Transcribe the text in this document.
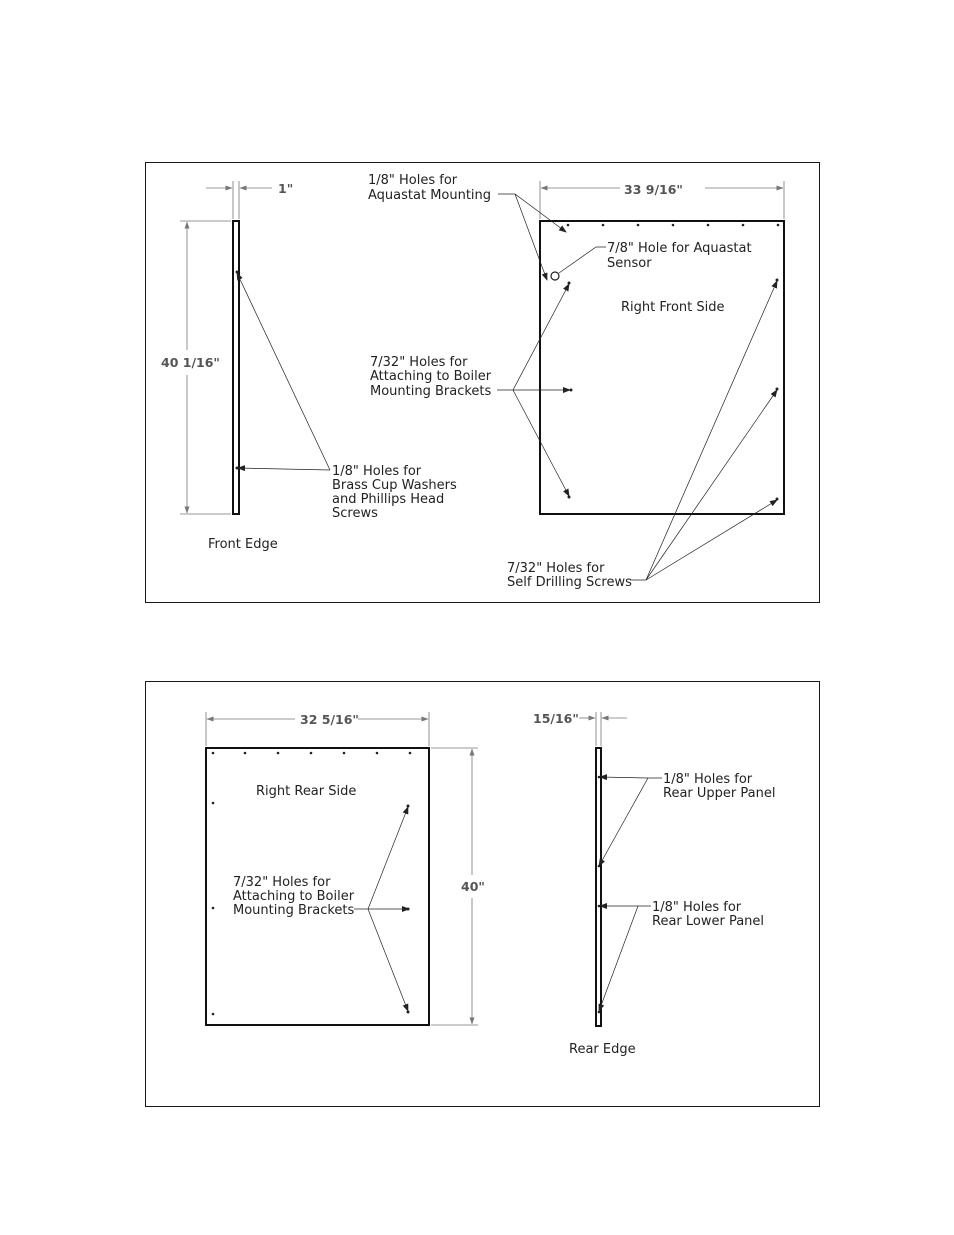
1"
40 1/16"
1/8" Holes for Brass Cup Washers and Phillips Head Screws
Front Edge
33 9/16"
1/8" Holes for Aquastat Mounting
7/8" Hole for Aquastat Sensor
Right Front Side
7/32" Holes for Attaching to Boiler Mounting Brackets
7/32" Holes for Self Drilling Screws
32 5/16"
40"
Right Rear Side
7/32" Holes for Attaching to Boiler Mounting Brackets
15/16"
1/8" Holes for Rear Upper Panel
1/8" Holes for Rear Lower Panel
Rear Edge
